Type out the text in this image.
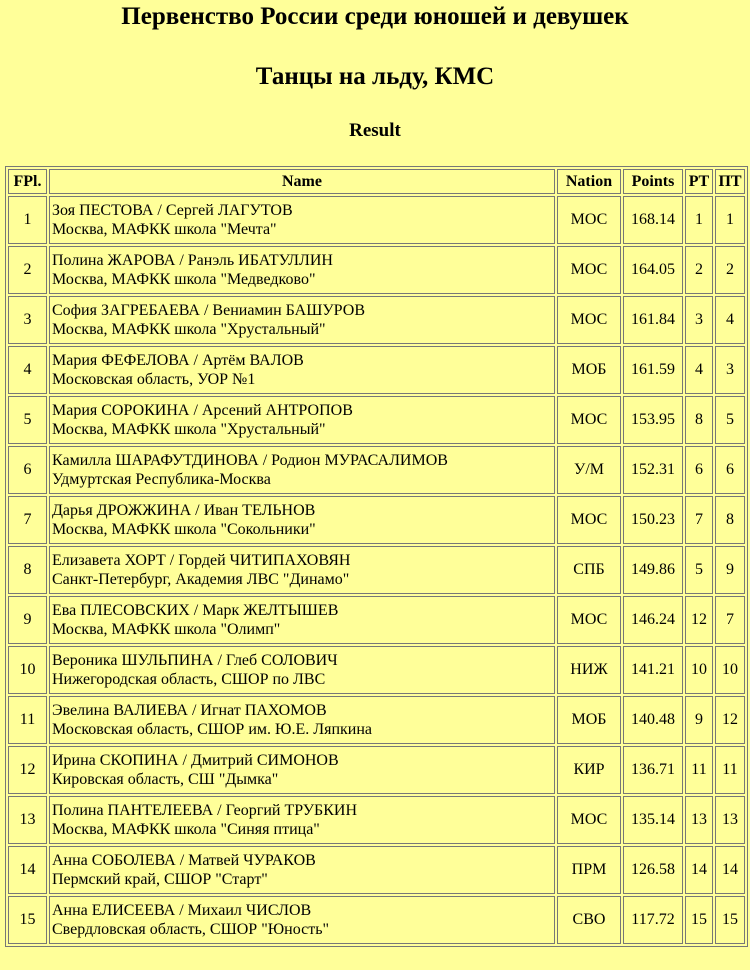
Первенство России среди юношей и девушек
Танцы на льду, КМС
Result
FPl.	Name	Nation	Points	PT	ПТ
1	Зоя ПЕСТОВА / Сергей ЛАГУТОВ
Москва, МАФКК школа "Мечта"	МОС	168.14	1	1
2	Полина ЖАРОВА / Ранэль ИБАТУЛЛИН
Москва, МАФКК школа "Медведково"	МОС	164.05	2	2
3	София ЗАГРЕБАЕВА / Вениамин БАШУРОВ
Москва, МАФКК школа "Хрустальный"	МОС	161.84	3	4
4	Мария ФЕФЕЛОВА / Артём ВАЛОВ
Московская область, УОР №1	МОБ	161.59	4	3
5	Мария СОРОКИНА / Арсений АНТРОПОВ
Москва, МАФКК школа "Хрустальный"	МОС	153.95	8	5
6	Камилла ШАРАФУТДИНОВА / Родион МУРАСАЛИМОВ
Удмуртская Республика-Москва	У/М	152.31	6	6
7	Дарья ДРОЖЖИНА / Иван ТЕЛЬНОВ
Москва, МАФКК школа "Сокольники"	МОС	150.23	7	8
8	Елизавета ХОРТ / Гордей ЧИТИПАХОВЯН
Санкт-Петербург, Академия ЛВС "Динамо"	СПБ	149.86	5	9
9	Ева ПЛЕСОВСКИХ / Марк ЖЕЛТЫШЕВ
Москва, МАФКК школа "Олимп"	МОС	146.24	12	7
10	Вероника ШУЛЬПИНА / Глеб СОЛОВИЧ
Нижегородская область, СШОР по ЛВС	НИЖ	141.21	10	10
11	Эвелина ВАЛИЕВА / Игнат ПАХОМОВ
Московская область, СШОР им. Ю.Е. Ляпкина	МОБ	140.48	9	12
12	Ирина СКОПИНА / Дмитрий СИМОНОВ
Кировская область, СШ "Дымка"	КИР	136.71	11	11
13	Полина ПАНТЕЛЕЕВА / Георгий ТРУБКИН
Москва, МАФКК школа "Синяя птица"	МОС	135.14	13	13
14	Анна СОБОЛЕВА / Матвей ЧУРАКОВ
Пермский край, СШОР "Старт"	ПРМ	126.58	14	14
15	Анна ЕЛИСЕЕВА / Михаил ЧИСЛОВ
Свердловская область, СШОР "Юность"	СВО	117.72	15	15
